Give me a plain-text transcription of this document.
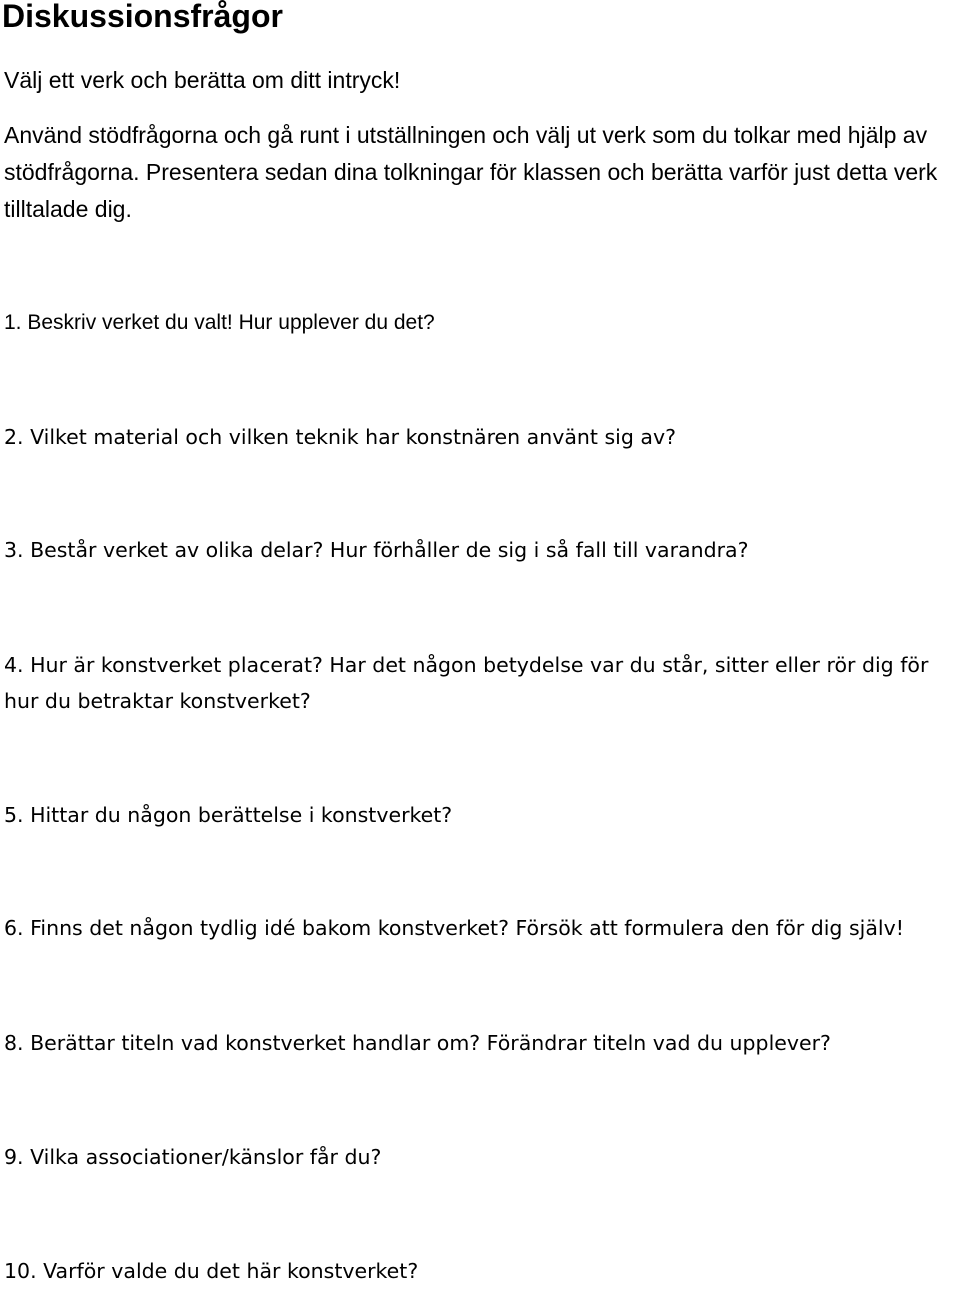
Diskussionsfrågor

Välj ett verk och berätta om ditt intryck!

Använd stödfrågorna och gå runt i utställningen och välj ut verk som du tolkar med hjälp av
stödfrågorna. Presentera sedan dina tolkningar för klassen och berätta varför just detta verk
tilltalade dig.

1. Beskriv verket du valt! Hur upplever du det?

2. Vilket material och vilken teknik har konstnären använt sig av?

3. Består verket av olika delar? Hur förhåller de sig i så fall till varandra?

4. Hur är konstverket placerat? Har det någon betydelse var du står, sitter eller rör dig för
hur du betraktar konstverket?

5. Hittar du någon berättelse i konstverket?

6. Finns det någon tydlig idé bakom konstverket? Försök att formulera den för dig själv!

8. Berättar titeln vad konstverket handlar om? Förändrar titeln vad du upplever?

9. Vilka associationer/känslor får du?

10. Varför valde du det här konstverket?
